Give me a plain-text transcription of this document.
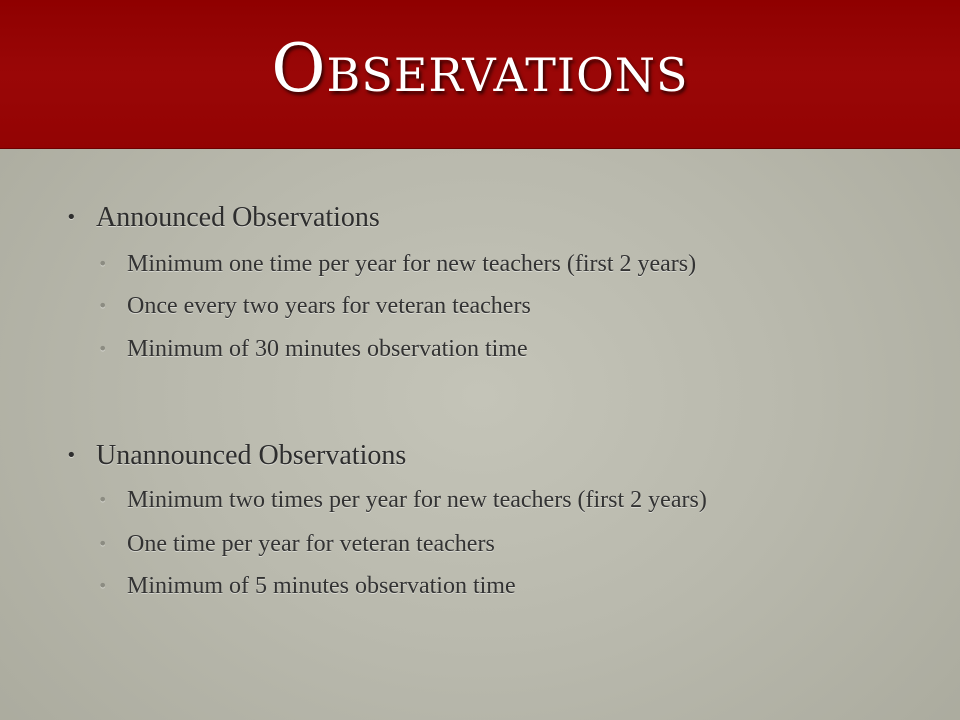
Observations
• Announced Observations
• Minimum one time per year for new teachers (first 2 years)
• Once every two years for veteran teachers
• Minimum of 30 minutes observation time
• Unannounced Observations
• Minimum two times per year for new teachers (first 2 years)
• One time per year for veteran teachers
• Minimum of 5 minutes observation time
